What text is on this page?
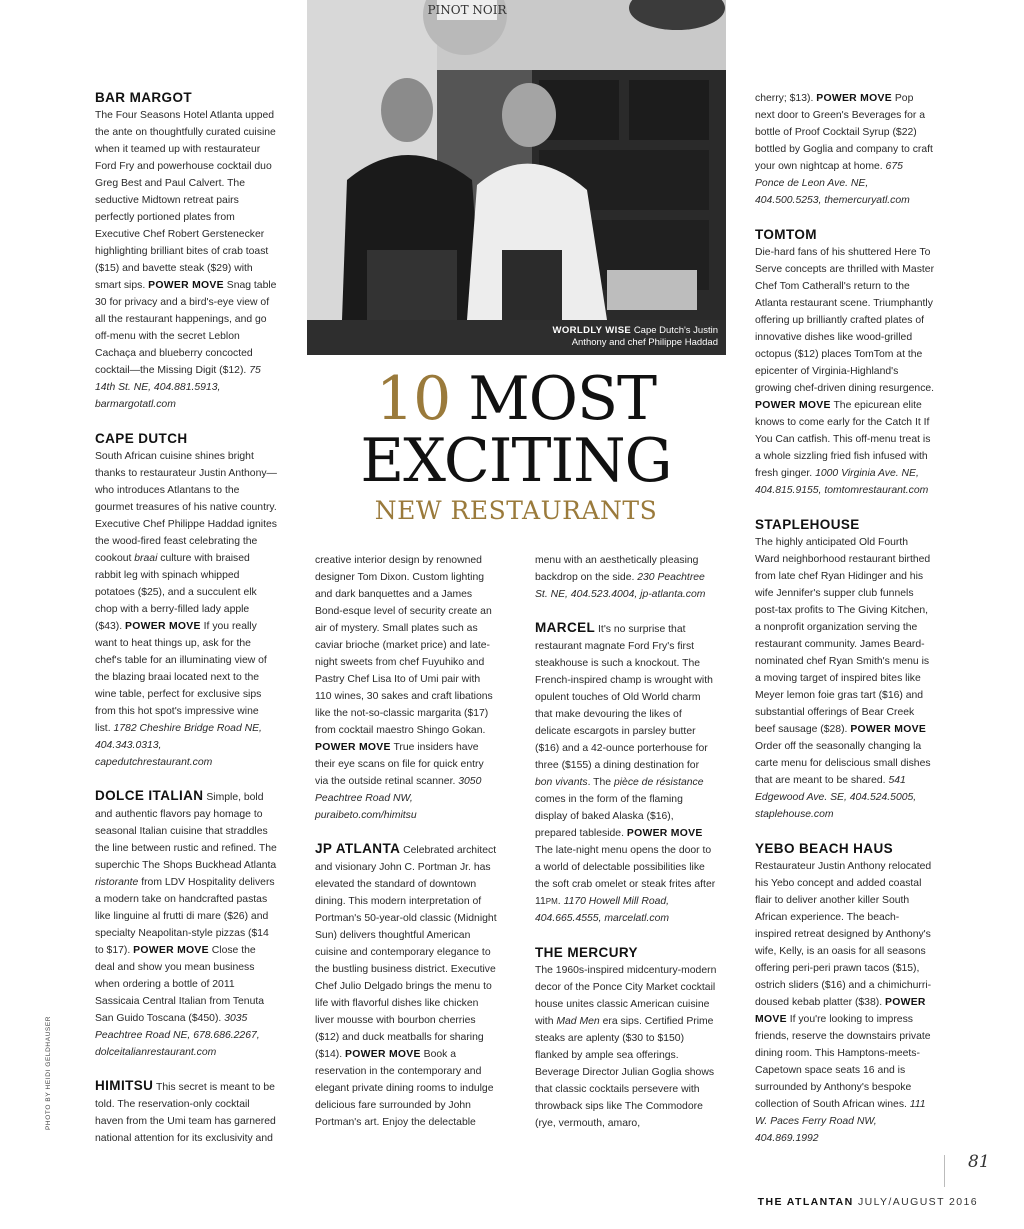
PINOT NOIR
WORLDLY WISE Cape Dutch's Justin Anthony and chef Philippe Haddad
10 MOST
EXCITING
NEW RESTAURANTS
BAR MARGOT

The Four Seasons Hotel Atlanta upped the ante on thoughtfully curated cuisine when it teamed up with restaurateur Ford Fry and powerhouse cocktail duo Greg Best and Paul Calvert. The seductive Midtown retreat pairs perfectly portioned plates from Executive Chef Robert Gerstenecker highlighting brilliant bites of crab toast ($15) and bavette steak ($29) with smart sips. POWER MOVE Snag table 30 for privacy and a bird's-eye view of all the restaurant happenings, and go off-menu with the secret Leblon Cachaça and blueberry concocted cocktail—the Missing Digit ($12). 75 14th St. NE, 404.881.5913, barmargotatl.com

CAPE DUTCH

South African cuisine shines bright thanks to restaurateur Justin Anthony—who introduces Atlantans to the gourmet treasures of his native country. Executive Chef Philippe Haddad ignites the wood-fired feast celebrating the cookout braai culture with braised rabbit leg with spinach whipped potatoes ($25), and a succulent elk chop with a berry-filled lady apple ($43). POWER MOVE If you really want to heat things up, ask for the chef's table for an illuminating view of the blazing braai located next to the wine table, perfect for exclusive sips from this hot spot's impressive wine list. 1782 Cheshire Bridge Road NE, 404.343.0313, capedutchrestaurant.com

DOLCE ITALIAN Simple, bold and authentic flavors pay homage to seasonal Italian cuisine that straddles the line between rustic and refined. The superchic The Shops Buckhead Atlanta ristorante from LDV Hospitality delivers a modern take on handcrafted pastas like linguine al frutti di mare ($26) and specialty Neapolitan-style pizzas ($14 to $17). POWER MOVE Close the deal and show you mean business when ordering a bottle of 2011 Sassicaia Central Italian from Tenuta San Guido Toscana ($450). 3035 Peachtree Road NE, 678.686.2267, dolceitalianrestaurant.com

HIMITSU This secret is meant to be told. The reservation-only cocktail haven from the Umi team has garnered national attention for its exclusivity and

creative interior design by renowned designer Tom Dixon. Custom lighting and dark banquettes and a James Bond-esque level of security create an air of mystery. Small plates such as caviar brioche (market price) and late-night sweets from chef Fuyuhiko and Pastry Chef Lisa Ito of Umi pair with 110 wines, 30 sakes and craft libations like the not-so-classic margarita ($17) from cocktail maestro Shingo Gokan. POWER MOVE True insiders have their eye scans on file for quick entry via the outside retinal scanner. 3050 Peachtree Road NW, puraibeto.com/himitsu

JP ATLANTA Celebrated architect and visionary John C. Portman Jr. has elevated the standard of downtown dining. This modern interpretation of Portman's 50-year-old classic (Midnight Sun) delivers thoughtful American cuisine and contemporary elegance to the bustling business district. Executive Chef Julio Delgado brings the menu to life with flavorful dishes like chicken liver mousse with bourbon cherries ($12) and duck meatballs for sharing ($14). POWER MOVE Book a reservation in the contemporary and elegant private dining rooms to indulge delicious fare surrounded by John Portman's art. Enjoy the delectable

menu with an aesthetically pleasing backdrop on the side. 230 Peachtree St. NE, 404.523.4004, jp-atlanta.com

MARCEL It's no surprise that restaurant magnate Ford Fry's first steakhouse is such a knockout. The French-inspired champ is wrought with opulent touches of Old World charm that make devouring the likes of delicate escargots in parsley butter ($16) and a 42-ounce porterhouse for three ($155) a dining destination for bon vivants. The pièce de résistance comes in the form of the flaming display of baked Alaska ($16), prepared tableside. POWER MOVE The late-night menu opens the door to a world of delectable possibilities like the soft crab omelet or steak frites after 11PM. 1170 Howell Mill Road, 404.665.4555, marcelatl.com

THE MERCURY

The 1960s-inspired midcentury-modern decor of the Ponce City Market cocktail house unites classic American cuisine with Mad Men era sips. Certified Prime steaks are aplenty ($30 to $150) flanked by ample sea offerings. Beverage Director Julian Goglia shows that classic cocktails persevere with throwback sips like The Commodore (rye, vermouth, amaro,

cherry; $13). POWER MOVE Pop next door to Green's Beverages for a bottle of Proof Cocktail Syrup ($22) bottled by Goglia and company to craft your own nightcap at home. 675 Ponce de Leon Ave. NE, 404.500.5253, themercuryatl.com

TOMTOM

Die-hard fans of his shuttered Here To Serve concepts are thrilled with Master Chef Tom Catherall's return to the Atlanta restaurant scene. Triumphantly offering up brilliantly crafted plates of innovative dishes like wood-grilled octopus ($12) places TomTom at the epicenter of Virginia-Highland's growing chef-driven dining resurgence. POWER MOVE The epicurean elite knows to come early for the Catch It If You Can catfish. This off-menu treat is a whole sizzling fried fish infused with fresh ginger. 1000 Virginia Ave. NE, 404.815.9155, tomtomrestaurant.com

STAPLEHOUSE

The highly anticipated Old Fourth Ward neighborhood restaurant birthed from late chef Ryan Hidinger and his wife Jennifer's supper club funnels post-tax profits to The Giving Kitchen, a nonprofit organization serving the restaurant community. James Beard-nominated chef Ryan Smith's menu is a moving target of inspired bites like Meyer lemon foie gras tart ($16) and substantial offerings of Bear Creek beef sausage ($28). POWER MOVE Order off the seasonally changing la carte menu for deliscious small dishes that are meant to be shared. 541 Edgewood Ave. SE, 404.524.5005, staplehouse.com

YEBO BEACH HAUS

Restaurateur Justin Anthony relocated his Yebo concept and added coastal flair to deliver another killer South African experience. The beach-inspired retreat designed by Anthony's wife, Kelly, is an oasis for all seasons offering peri-peri prawn tacos ($15), ostrich sliders ($16) and a chimichurri-doused kebab platter ($38). POWER MOVE If you're looking to impress friends, reserve the downstairs private dining room. This Hamptons-meets-Capetown space seats 16 and is surrounded by Anthony's bespoke collection of South African wines. 111 W. Paces Ferry Road NW, 404.869.1992

PHOTO BY HEIDI GELDHAUSER
81
THE ATLANTAN JULY/AUGUST 2016
